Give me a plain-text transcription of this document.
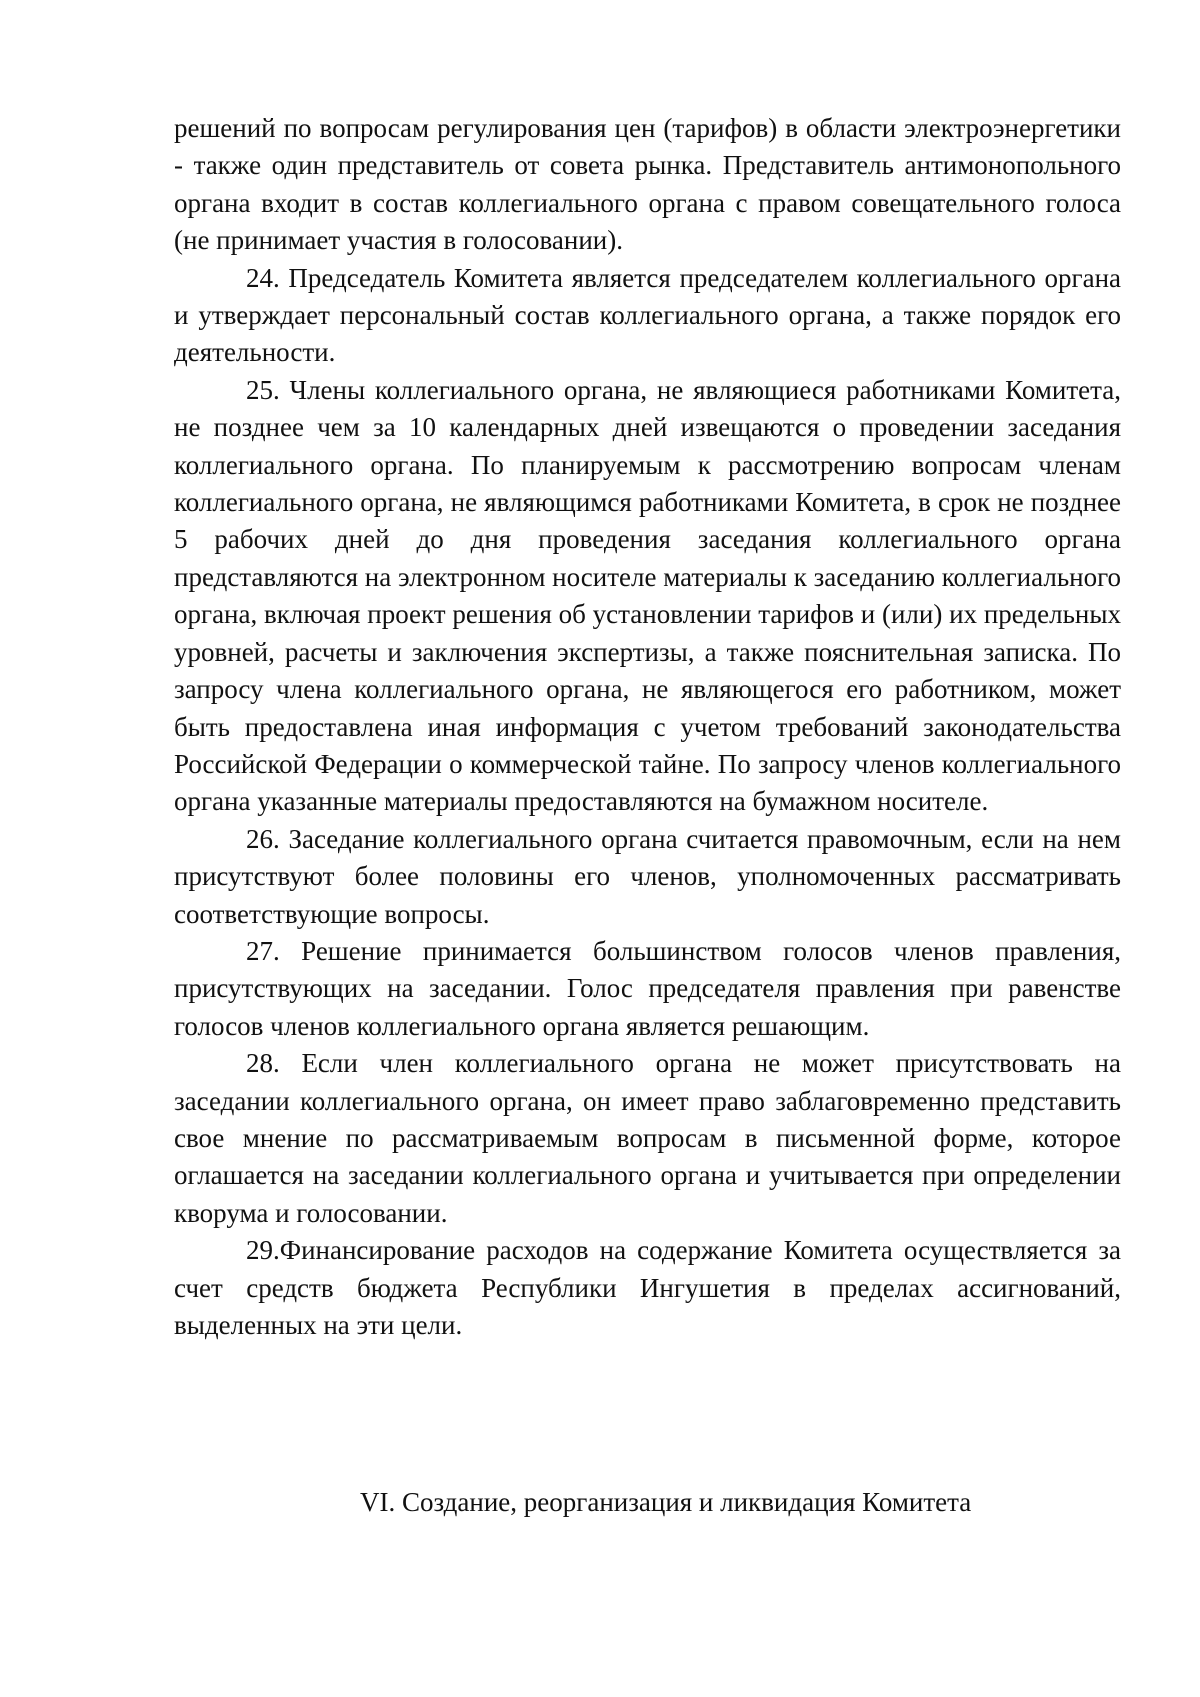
решений по вопросам регулирования цен (тарифов) в области электроэнергетики - также один представитель от совета рынка. Представитель антимонопольного органа входит в состав коллегиального органа с правом совещательного голоса (не принимает участия в голосовании).

24. Председатель Комитета является председателем коллегиального органа и утверждает персональный состав коллегиального органа, а также порядок его деятельности.

25. Члены коллегиального органа, не являющиеся работниками Комитета, не позднее чем за 10 календарных дней извещаются о проведении заседания коллегиального органа. По планируемым к рассмотрению вопросам членам коллегиального органа, не являющимся работниками Комитета, в срок не позднее 5 рабочих дней до дня проведения заседания коллегиального органа представляются на электронном носителе материалы к заседанию коллегиального органа, включая проект решения об установлении тарифов и (или) их предельных уровней, расчеты и заключения экспертизы, а также пояснительная записка. По запросу члена коллегиального органа, не являющегося его работником, может быть предоставлена иная информация с учетом требований законодательства Российской Федерации о коммерческой тайне. По запросу членов коллегиального органа указанные материалы предоставляются на бумажном носителе.

26. Заседание коллегиального органа считается правомочным, если на нем присутствуют более половины его членов, уполномоченных рассматривать соответствующие вопросы.

27. Решение принимается большинством голосов членов правления, присутствующих на заседании. Голос председателя правления при равенстве голосов членов коллегиального органа является решающим.

28. Если член коллегиального органа не может присутствовать на заседании коллегиального органа, он имеет право заблаговременно представить свое мнение по рассматриваемым вопросам в письменной форме, которое оглашается на заседании коллегиального органа и учитывается при определении кворума и голосовании.

29.Финансирование расходов на содержание Комитета осуществляется за счет средств бюджета Республики Ингушетия в пределах ассигнований, выделенных на эти цели.

VI. Создание, реорганизация и ликвидация Комитета
